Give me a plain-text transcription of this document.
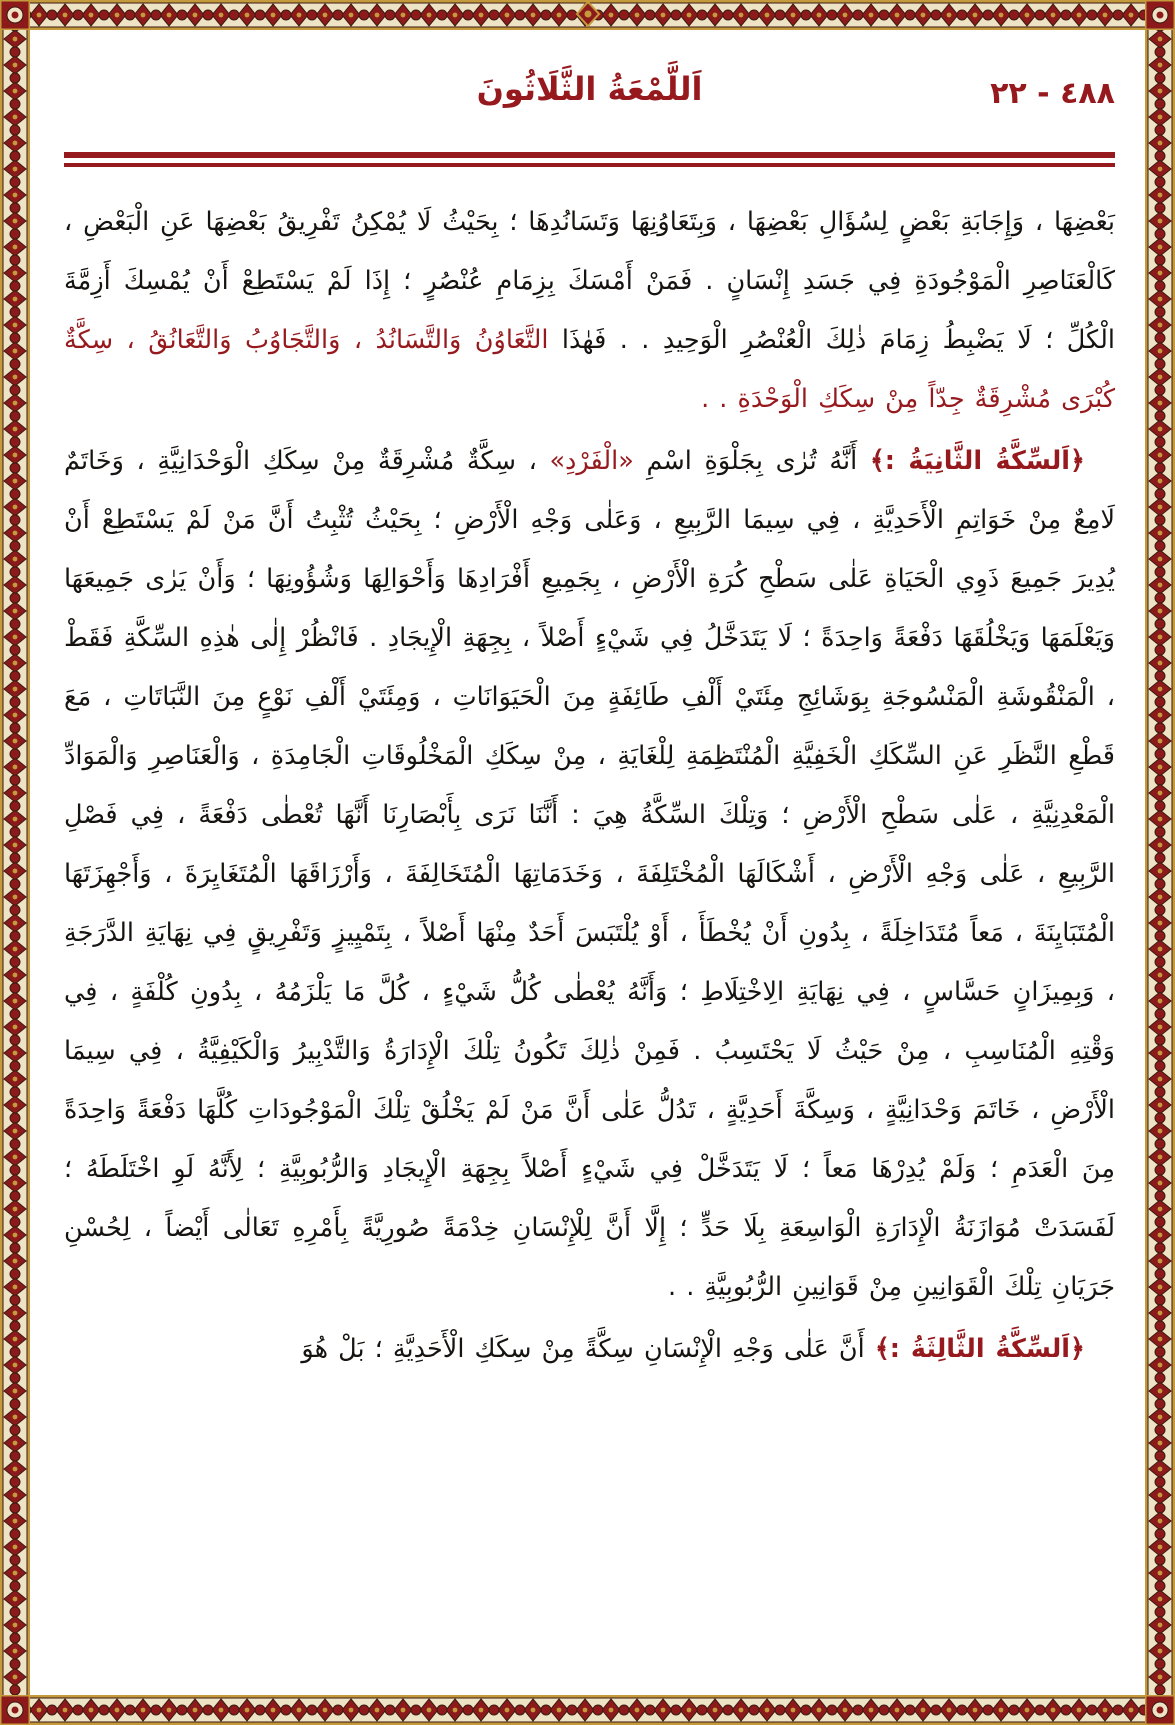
٤٨٨ - ٢٢
اَللَّمْعَةُ الثَّلَاثُونَ

بَعْضِهَا ، وَإِجَابَةِ بَعْضٍ لِسُؤَالِ بَعْضِهَا ، وَبِتَعَاوُنِهَا وَتَسَانُدِهَا ؛ بِحَيْثُ لَا يُمْكِنُ تَفْرِيقُ بَعْضِهَا عَنِ الْبَعْضِ ، كَالْعَنَاصِرِ الْمَوْجُودَةِ فِي جَسَدِ إِنْسَانٍ . فَمَنْ أَمْسَكَ بِزِمَامِ عُنْصُرٍ ؛ إِذَا لَمْ يَسْتَطِعْ أَنْ يُمْسِكَ أَزِمَّةَ الْكُلِّ ؛ لَا يَضْبِطُ زِمَامَ ذٰلِكَ الْعُنْصُرِ الْوَحِيدِ . . فَهٰذَا التَّعَاوُنُ وَالتَّسَانُدُ ، وَالتَّجَاوُبُ وَالتَّعَانُقُ ، سِكَّةٌ كُبْرَى مُشْرِقَةٌ جِدّاً مِنْ سِكَكِ الْوَحْدَةِ . .

﴿اَلسِّكَّةُ الثَّانِيَةُ :﴾ أَنَّهُ تُرٰى بِجَلْوَةِ اسْمِ «الْفَرْدِ» ، سِكَّةٌ مُشْرِقَةٌ مِنْ سِكَكِ الْوَحْدَانِيَّةِ ، وَخَاتَمٌ لَامِعٌ مِنْ خَوَاتِمِ الْأَحَدِيَّةِ ، فِي سِيمَا الرَّبِيعِ ، وَعَلٰى وَجْهِ الْأَرْضِ ؛ بِحَيْثُ تُثْبِتُ أَنَّ مَنْ لَمْ يَسْتَطِعْ أَنْ يُدِيرَ جَمِيعَ ذَوِي الْحَيَاةِ عَلٰى سَطْحِ كُرَةِ الْأَرْضِ ، بِجَمِيعِ أَفْرَادِهَا وَأَحْوَالِهَا وَشُؤُونِهَا ؛ وَأَنْ يَرٰى جَمِيعَهَا وَيَعْلَمَهَا وَيَخْلُقَهَا دَفْعَةً وَاحِدَةً ؛ لَا يَتَدَخَّلُ فِي شَيْءٍ أَصْلاً ، بِجِهَةِ الْإِيجَادِ . فَانْظُرْ إِلٰى هٰذِهِ السِّكَّةِ فَقَطْ ، الْمَنْقُوشَةِ الْمَنْسُوجَةِ بِوَشَائِجِ مِئَتَيْ أَلْفِ طَائِفَةٍ مِنَ الْحَيَوَانَاتِ ، وَمِئَتَيْ أَلْفِ نَوْعٍ مِنَ النَّبَاتَاتِ ، مَعَ قَطْعِ النَّظَرِ عَنِ السِّكَكِ الْخَفِيَّةِ الْمُنْتَظِمَةِ لِلْغَايَةِ ، مِنْ سِكَكِ الْمَخْلُوقَاتِ الْجَامِدَةِ ، وَالْعَنَاصِرِ وَالْمَوَادِّ الْمَعْدِنِيَّةِ ، عَلٰى سَطْحِ الْأَرْضِ ؛ وَتِلْكَ السِّكَّةُ هِيَ : أَنَّنَا نَرَى بِأَبْصَارِنَا أَنَّهَا تُعْطٰى دَفْعَةً ، فِي فَصْلِ الرَّبِيعِ ، عَلٰى وَجْهِ الْأَرْضِ ، أَشْكَالَهَا الْمُخْتَلِفَةَ ، وَخَدَمَاتِهَا الْمُتَخَالِفَةَ ، وَأَرْزَاقَهَا الْمُتَغَايِرَةَ ، وَأَجْهِزَتَهَا الْمُتَبَايِنَةَ ، مَعاً مُتَدَاخِلَةً ، بِدُونِ أَنْ يُخْطَأَ ، أَوْ يُلْتَبَسَ أَحَدٌ مِنْهَا أَصْلاً ، بِتَمْيِيزٍ وَتَفْرِيقٍ فِي نِهَايَةِ الدَّرَجَةِ ، وَبِمِيزَانٍ حَسَّاسٍ ، فِي نِهَايَةِ الِاخْتِلَاطِ ؛ وَأَنَّهُ يُعْطٰى كُلُّ شَيْءٍ ، كُلَّ مَا يَلْزَمُهُ ، بِدُونِ كُلْفَةٍ ، فِي وَقْتِهِ الْمُنَاسِبِ ، مِنْ حَيْثُ لَا يَحْتَسِبُ . فَمِنْ ذٰلِكَ تَكُونُ تِلْكَ الْإِدَارَةُ وَالتَّدْبِيرُ وَالْكَيْفِيَّةُ ، فِي سِيمَا الْأَرْضِ ، خَاتَمَ وَحْدَانِيَّةٍ ، وَسِكَّةَ أَحَدِيَّةٍ ، تَدُلُّ عَلٰى أَنَّ مَنْ لَمْ يَخْلُقْ تِلْكَ الْمَوْجُودَاتِ كُلَّهَا دَفْعَةً وَاحِدَةً مِنَ الْعَدَمِ ؛ وَلَمْ يُدِرْهَا مَعاً ؛ لَا يَتَدَخَّلْ فِي شَيْءٍ أَصْلاً بِجِهَةِ الْإِيجَادِ وَالرُّبُوبِيَّةِ ؛ لِأَنَّهُ لَوِ اخْتَلَطَهُ ؛ لَفَسَدَتْ مُوَازَنَةُ الْإِدَارَةِ الْوَاسِعَةِ بِلَا حَدٍّ ؛ إِلَّا أَنَّ لِلْإِنْسَانِ خِدْمَةً صُورِيَّةً بِأَمْرِهِ تَعَالٰى أَيْضاً ، لِحُسْنِ جَرَيَانِ تِلْكَ الْقَوَانِينِ مِنْ قَوَانِينِ الرُّبُوبِيَّةِ . .

﴿اَلسِّكَّةُ الثَّالِثَةُ :﴾ أَنَّ عَلٰى وَجْهِ الْإِنْسَانِ سِكَّةً مِنْ سِكَكِ الْأَحَدِيَّةِ ؛ بَلْ هُوَ
